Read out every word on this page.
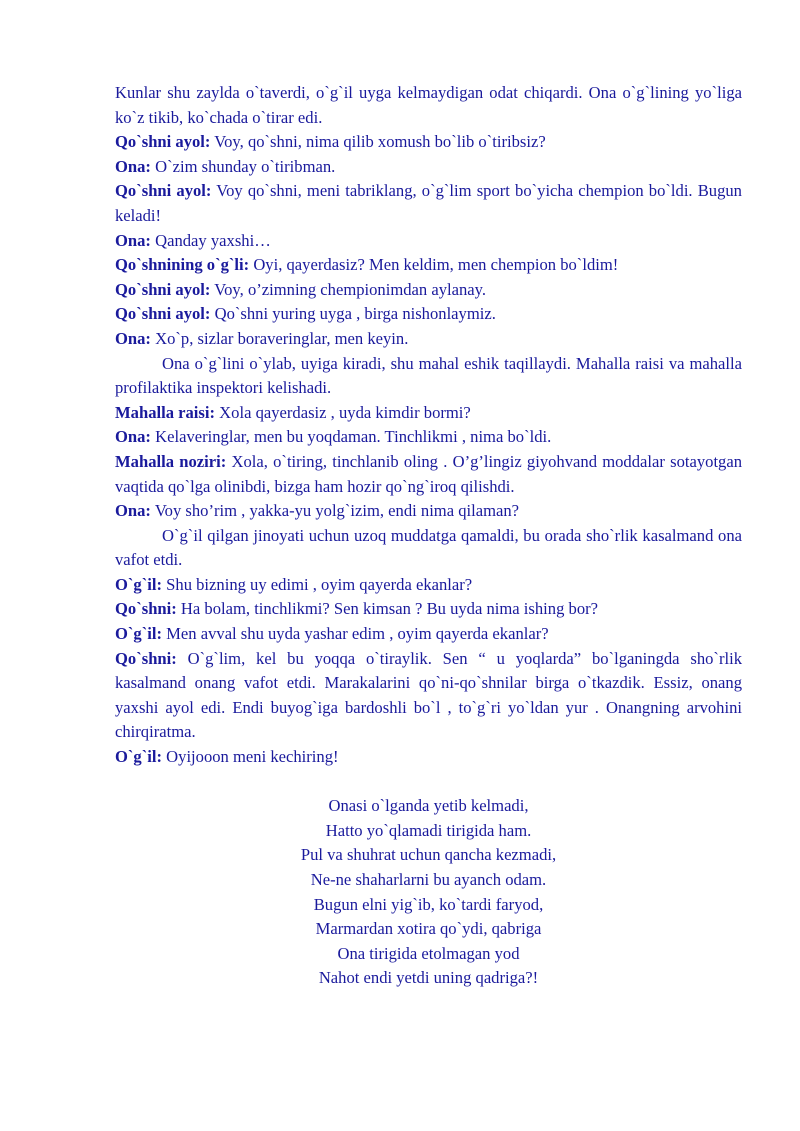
Kunlar shu zaylda o`taverdi, o`g`il uyga kelmaydigan odat chiqardi. Ona o`g`lining yo`liga ko`z tikib, ko`chada o`tirar edi.

Qo`shni ayol: Voy, qo`shni, nima qilib xomush bo`lib o`tiribsiz?

Ona: O`zim shunday o`tiribman.

Qo`shni ayol: Voy qo`shni, meni tabriklang, o`g`lim sport bo`yicha chempion bo`ldi. Bugun keladi!

Ona: Qanday yaxshi…

Qo`shnining o`g`li: Oyi, qayerdasiz? Men keldim, men chempion bo`ldim!

Qo`shni ayol: Voy, o’zimning chempionimdan aylanay.

Qo`shni ayol: Qo`shni yuring uyga , birga nishonlaymiz.

Ona: Xo`p, sizlar boraveringlar, men keyin.

Ona o`g`lini o`ylab, uyiga kiradi, shu mahal eshik taqillaydi. Mahalla raisi va mahalla profilaktika inspektori kelishadi.

Mahalla raisi: Xola qayerdasiz , uyda kimdir bormi?

Ona: Kelaveringlar, men bu yoqdaman. Tinchlikmi , nima bo`ldi.

Mahalla noziri: Xola, o`tiring, tinchlanib oling . O’g’lingiz giyohvand moddalar sotayotgan vaqtida qo`lga olinibdi, bizga ham hozir qo`ng`iroq qilishdi.

Ona: Voy sho’rim , yakka-yu yolg`izim, endi nima qilaman?

O`g`il qilgan jinoyati uchun uzoq muddatga qamaldi, bu orada sho`rlik kasalmand ona vafot etdi.

O`g`il: Shu bizning uy edimi , oyim qayerda ekanlar?

Qo`shni: Ha bolam, tinchlikmi? Sen kimsan ? Bu uyda nima ishing bor?

O`g`il: Men avval shu uyda yashar edim , oyim qayerda ekanlar?

Qo`shni: O`g`lim, kel bu yoqqa o`tiraylik. Sen “ u yoqlarda” bo`lganingda sho`rlik kasalmand onang vafot etdi. Marakalarini qo`ni-qo`shnilar birga o`tkazdik. Essiz, onang yaxshi ayol edi. Endi buyog`iga bardoshli bo`l , to`g`ri yo`ldan yur . Onangning arvohini chirqiratma.

O`g`il: Oyijooon meni kechiring!

Onasi o`lganda yetib kelmadi,
Hatto yo`qlamadi tirigida ham.
Pul va shuhrat uchun qancha kezmadi,
Ne-ne shaharlarni bu ayanch odam.
Bugun elni yig`ib, ko`tardi faryod,
Marmardan xotira qo`ydi, qabriga
Ona tirigida etolmagan yod
Nahot endi yetdi uning qadriga?!
